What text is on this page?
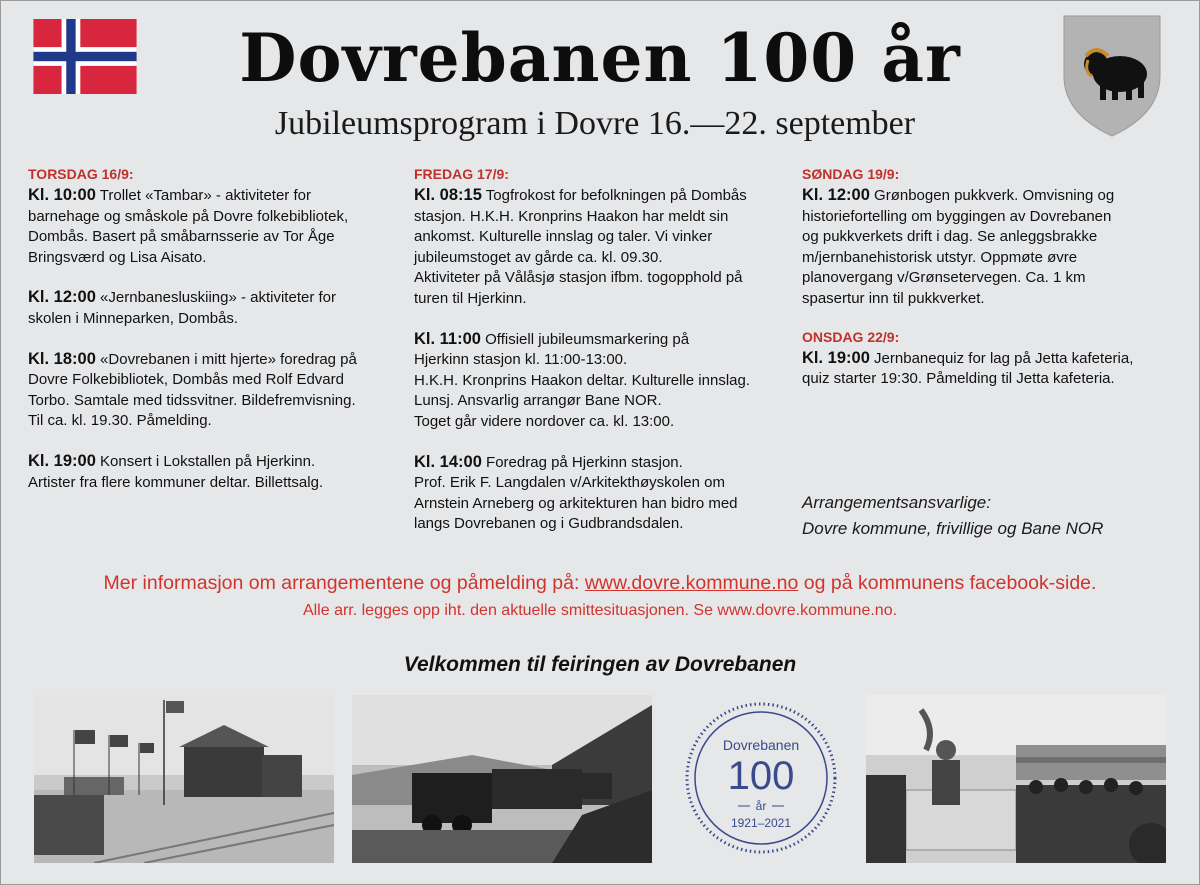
Dovrebanen 100 år
Jubileumsprogram i Dovre 16.—22. september
TORSDAG 16/9:
Kl. 10:00 Trollet «Tambar» - aktiviteter for
barnehage og småskole på Dovre folkebibliotek,
Dombås. Basert på småbarnsserie av Tor Åge
Bringsværd og Lisa Aisato.
Kl. 12:00 «Jernbanesluskiing» - aktiviteter for
skolen i Minneparken, Dombås.
Kl. 18:00 «Dovrebanen i mitt hjerte» foredrag på
Dovre Folkebibliotek, Dombås med Rolf Edvard
Torbo. Samtale med tidssvitner. Bildefremvisning.
Til ca. kl. 19.30. Påmelding.
Kl. 19:00 Konsert i Lokstallen på Hjerkinn.
Artister fra flere kommuner deltar. Billettsalg.
FREDAG 17/9:
Kl. 08:15 Togfrokost for befolkningen på Dombås
stasjon. H.K.H. Kronprins Haakon har meldt sin
ankomst. Kulturelle innslag og taler. Vi vinker
jubileumstoget av gårde ca. kl. 09.30.
Aktiviteter på Vålåsjø stasjon ifbm. togopphold på
turen til Hjerkinn.
Kl. 11:00 Offisiell jubileumsmarkering på
Hjerkinn stasjon kl. 11:00-13:00.
H.K.H. Kronprins Haakon deltar. Kulturelle innslag.
Lunsj. Ansvarlig arrangør Bane NOR.
Toget går videre nordover ca. kl. 13:00.
Kl. 14:00 Foredrag på Hjerkinn stasjon.
Prof. Erik F. Langdalen v/Arkitekthøyskolen om
Arnstein Arneberg og arkitekturen han bidro med
langs Dovrebanen og i Gudbrandsdalen.
SØNDAG 19/9:
Kl. 12:00 Grønbogen pukkverk. Omvisning og
historiefortelling om byggingen av Dovrebanen
og pukkverkets drift i dag. Se anleggsbrakke
m/jernbanehistorisk utstyr. Oppmøte øvre
planovergang v/Grønsetervegen. Ca. 1 km
spasertur inn til pukkverket.
ONSDAG 22/9:
Kl. 19:00 Jernbanequiz for lag på Jetta kafeteria,
quiz starter 19:30. Påmelding til Jetta kafeteria.
Arrangementsansvarlige:
Dovre kommune, frivillige og Bane NOR
Mer informasjon om arrangementene og påmelding på: www.dovre.kommune.no og på kommunens facebook-side.
Alle arr. legges opp iht. den aktuelle smittesituasjonen. Se www.dovre.kommune.no.
Velkommen til feiringen av Dovrebanen
Dovrebanen
100
år
1921–2021
